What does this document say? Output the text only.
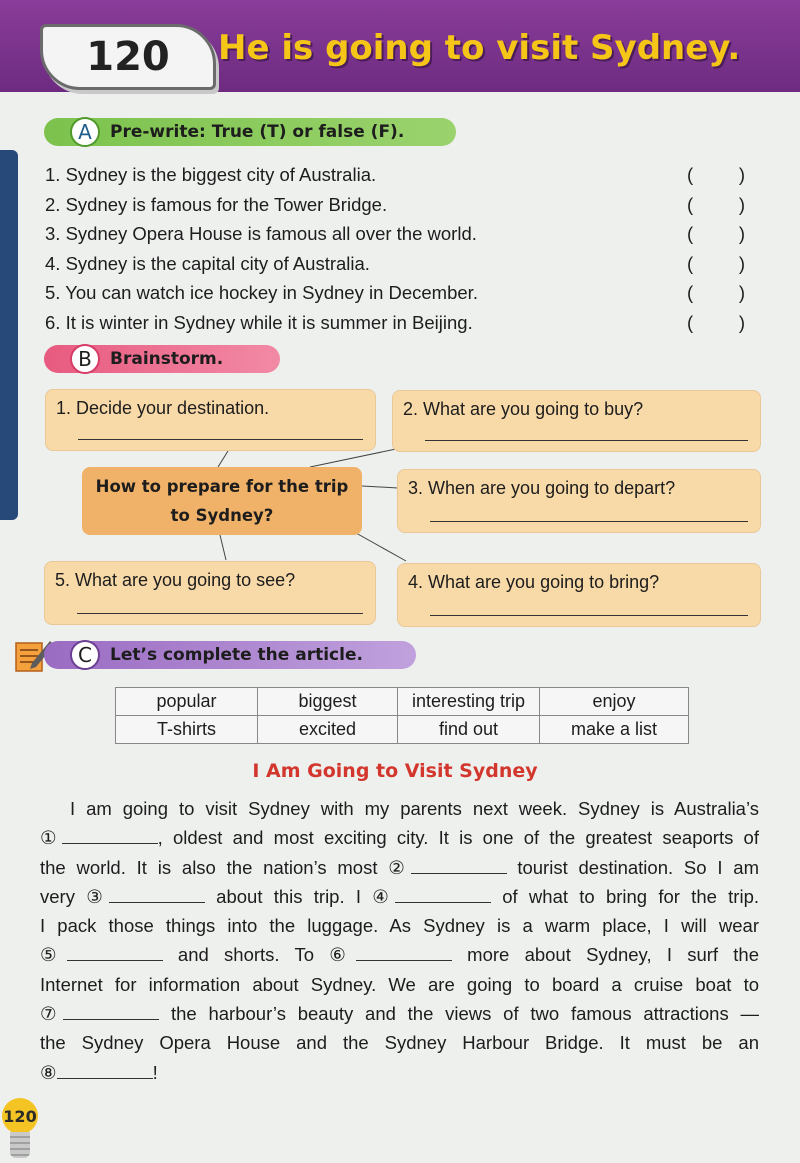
120 He is going to visit Sydney.
A	Pre-write: True (T) or false (F).
1. Sydney is the biggest city of Australia.	( )
2. Sydney is famous for the Tower Bridge.	( )
3. Sydney Opera House is famous all over the world.	( )
4. Sydney is the capital city of Australia.	( )
5. You can watch ice hockey in Sydney in December.	( )
6. It is winter in Sydney while it is summer in Beijing.	( )
B	Brainstorm.
1. Decide your destination.	2. What are you going to buy?
How to prepare for the trip to Sydney?
3. When are you going to depart?
5. What are you going to see?	4. What are you going to bring?
C	Let’s complete the article.
popular	biggest	interesting trip	enjoy
T-shirts	excited	find out	make a list
I Am Going to Visit Sydney
I am going to visit Sydney with my parents next week. Sydney is Australia’s
①	, oldest and most exciting city. It is one of the greatest seaports of
the world. It is also the nation’s most ②	tourist destination. So I am
very ③	about this trip. I ④	of what to bring for the trip.
I pack those things into the luggage. As Sydney is a warm place, I will wear
⑤	and shorts. To ⑥	more about Sydney, I surf the
Internet for information about Sydney. We are going to board a cruise boat to
⑦	the harbour’s beauty and the views of two famous attractions —
the Sydney Opera House and the Sydney Harbour Bridge. It must be an
⑧	!
120
